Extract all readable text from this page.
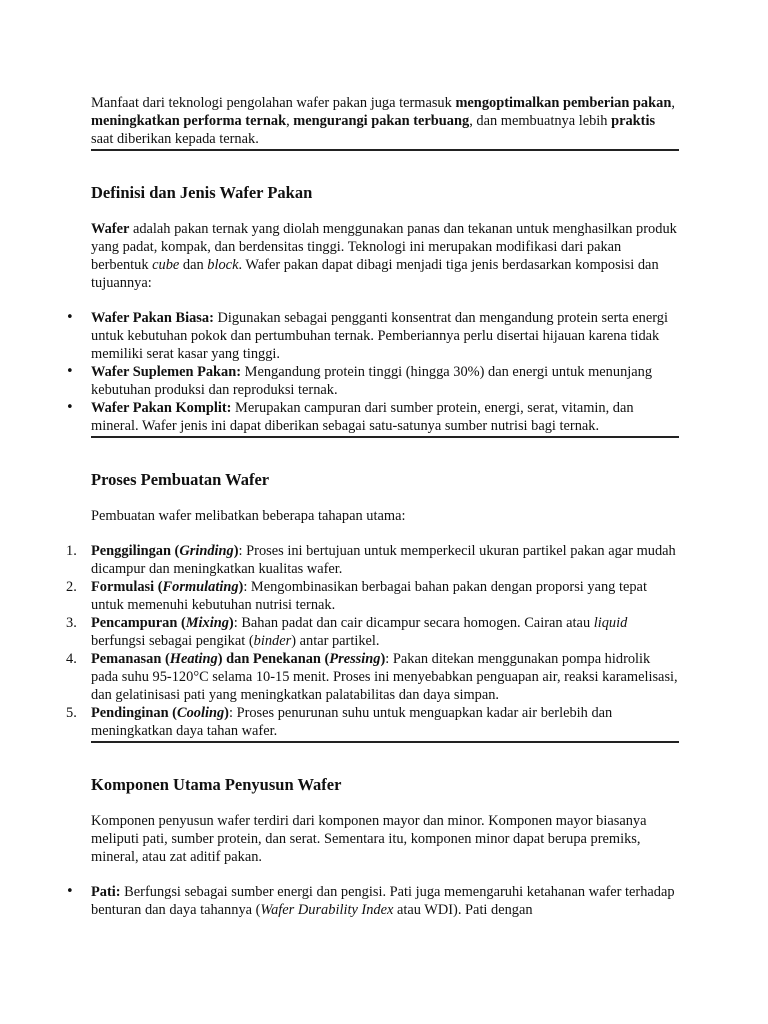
Manfaat dari teknologi pengolahan wafer pakan juga termasuk mengoptimalkan pemberian pakan, meningkatkan performa ternak, mengurangi pakan terbuang, dan membuatnya lebih praktis saat diberikan kepada ternak.

Definisi dan Jenis Wafer Pakan

Wafer adalah pakan ternak yang diolah menggunakan panas dan tekanan untuk menghasilkan produk yang padat, kompak, dan berdensitas tinggi. Teknologi ini merupakan modifikasi dari pakan berbentuk cube dan block. Wafer pakan dapat dibagi menjadi tiga jenis berdasarkan komposisi dan tujuannya:

• Wafer Pakan Biasa: Digunakan sebagai pengganti konsentrat dan mengandung protein serta energi untuk kebutuhan pokok dan pertumbuhan ternak. Pemberiannya perlu disertai hijauan karena tidak memiliki serat kasar yang tinggi.
• Wafer Suplemen Pakan: Mengandung protein tinggi (hingga 30%) dan energi untuk menunjang kebutuhan produksi dan reproduksi ternak.
• Wafer Pakan Komplit: Merupakan campuran dari sumber protein, energi, serat, vitamin, dan mineral. Wafer jenis ini dapat diberikan sebagai satu-satunya sumber nutrisi bagi ternak.
Proses Pembuatan Wafer

Pembuatan wafer melibatkan beberapa tahapan utama:

1. Penggilingan (Grinding): Proses ini bertujuan untuk memperkecil ukuran partikel pakan agar mudah dicampur dan meningkatkan kualitas wafer.
2. Formulasi (Formulating): Mengombinasikan berbagai bahan pakan dengan proporsi yang tepat untuk memenuhi kebutuhan nutrisi ternak.
3. Pencampuran (Mixing): Bahan padat dan cair dicampur secara homogen. Cairan atau liquid berfungsi sebagai pengikat (binder) antar partikel.
4. Pemanasan (Heating) dan Penekanan (Pressing): Pakan ditekan menggunakan pompa hidrolik pada suhu 95-120°C selama 10-15 menit. Proses ini menyebabkan penguapan air, reaksi karamelisasi, dan gelatinisasi pati yang meningkatkan palatabilitas dan daya simpan.
5. Pendinginan (Cooling): Proses penurunan suhu untuk menguapkan kadar air berlebih dan meningkatkan daya tahan wafer.
Komponen Utama Penyusun Wafer

Komponen penyusun wafer terdiri dari komponen mayor dan minor. Komponen mayor biasanya meliputi pati, sumber protein, dan serat. Sementara itu, komponen minor dapat berupa premiks, mineral, atau zat aditif pakan.

• Pati: Berfungsi sebagai sumber energi dan pengisi. Pati juga memengaruhi ketahanan wafer terhadap benturan dan daya tahannya (Wafer Durability Index atau WDI). Pati dengan
